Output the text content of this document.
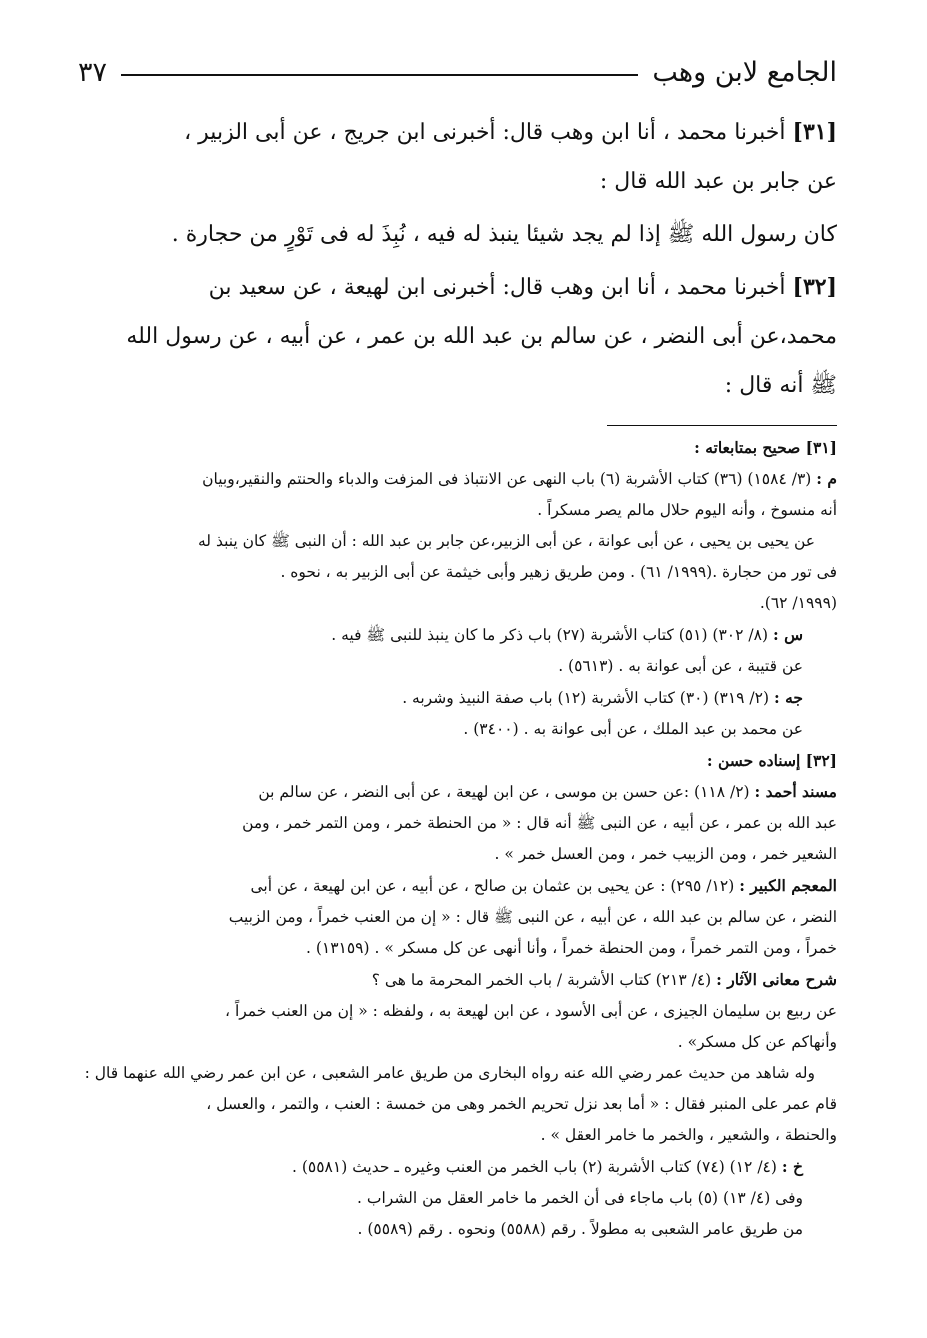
الجامع لابن وهب
٣٧

[٣١] أخبرنا محمد ، أنا ابن وهب قال: أخبرنى ابن جريج ، عن أبى الزبير ،
عن جابر بن عبد الله قال :

كان رسول الله ﷺ إذا لم يجد شيئا ينبذ له فيه ، نُبِذَ له فى تَوْرٍ من حجارة .

[٣٢] أخبرنا محمد ، أنا ابن وهب قال: أخبرنى ابن لهيعة ، عن سعيد بن
محمد،عن أبى النضر ، عن سالم بن عبد الله بن عمر ، عن أبيه ، عن رسول الله
ﷺ أنه قال :

[٣١] صحيح بمتابعاته :
م : (٣/ ١٥٨٤) (٣٦) كتاب الأشربة (٦) باب النهى عن الانتباذ فى المزفت والدباء والحنتم والنقير،وبيان
أنه منسوخ ، وأنه اليوم حلال مالم يصر مسكراً .
عن يحيى بن يحيى ، عن أبى عوانة ، عن أبى الزبير،عن جابر بن عبد الله : أن النبى ﷺ كان ينبذ له
فى تور من حجارة .(١٩٩٩/ ٦١) . ومن طريق زهير وأبى خيثمة عن أبى الزبير به ، نحوه .
(١٩٩٩/ ٦٢).
س : (٨/ ٣٠٢) (٥١) كتاب الأشربة (٢٧) باب ذكر ما كان ينبذ للنبى ﷺ فيه .
عن قتيبة ، عن أبى عوانة به . (٥٦١٣) .
جه : (٢/ ٣١٩) (٣٠) كتاب الأشربة (١٢) باب صفة النبيذ وشربه .
عن محمد بن عبد الملك ، عن أبى عوانة به . (٣٤٠٠) .
[٣٢] إسناده حسن :
مسند أحمد : (٢/ ١١٨) :عن حسن بن موسى ، عن ابن لهيعة ، عن أبى النضر ، عن سالم بن
عبد الله بن عمر ، عن أبيه ، عن النبى ﷺ أنه قال : « من الحنطة خمر ، ومن التمر خمر ، ومن
الشعير خمر ، ومن الزبيب خمر ، ومن العسل خمر » .
المعجم الكبير : (١٢/ ٢٩٥) : عن يحيى بن عثمان بن صالح ، عن أبيه ، عن ابن لهيعة ، عن أبى
النضر ، عن سالم بن عبد الله ، عن أبيه ، عن النبى ﷺ قال : « إن من العنب خمراً ، ومن الزبيب
خمراً ، ومن التمر خمراً ، ومن الحنطة خمراً ، وأنا أنهى عن كل مسكر » . (١٣١٥٩) .
شرح معانى الآثار : (٤/ ٢١٣) كتاب الأشربة / باب الخمر المحرمة ما هى ؟
عن ربيع بن سليمان الجيزى ، عن أبى الأسود ، عن ابن لهيعة به ، ولفظه : « إن من العنب خمراً ،
وأنهاكم عن كل مسكر» .
وله شاهد من حديث عمر رضي الله عنه رواه البخارى من طريق عامر الشعبى ، عن ابن عمر رضي الله عنهما قال :
قام عمر على المنبر فقال : « أما بعد نزل تحريم الخمر وهى من خمسة : العنب ، والتمر ، والعسل ،
والحنطة ، والشعير ، والخمر ما خامر العقل » .
خ : (٤/ ١٢) (٧٤) كتاب الأشربة (٢) باب الخمر من العنب وغيره ـ حديث (٥٥٨١) .
وفى (٤/ ١٣) (٥) باب ماجاء فى أن الخمر ما خامر العقل من الشراب .
من طريق عامر الشعبى به مطولاً . رقم (٥٥٨٨) ونحوه . رقم (٥٥٨٩) .
